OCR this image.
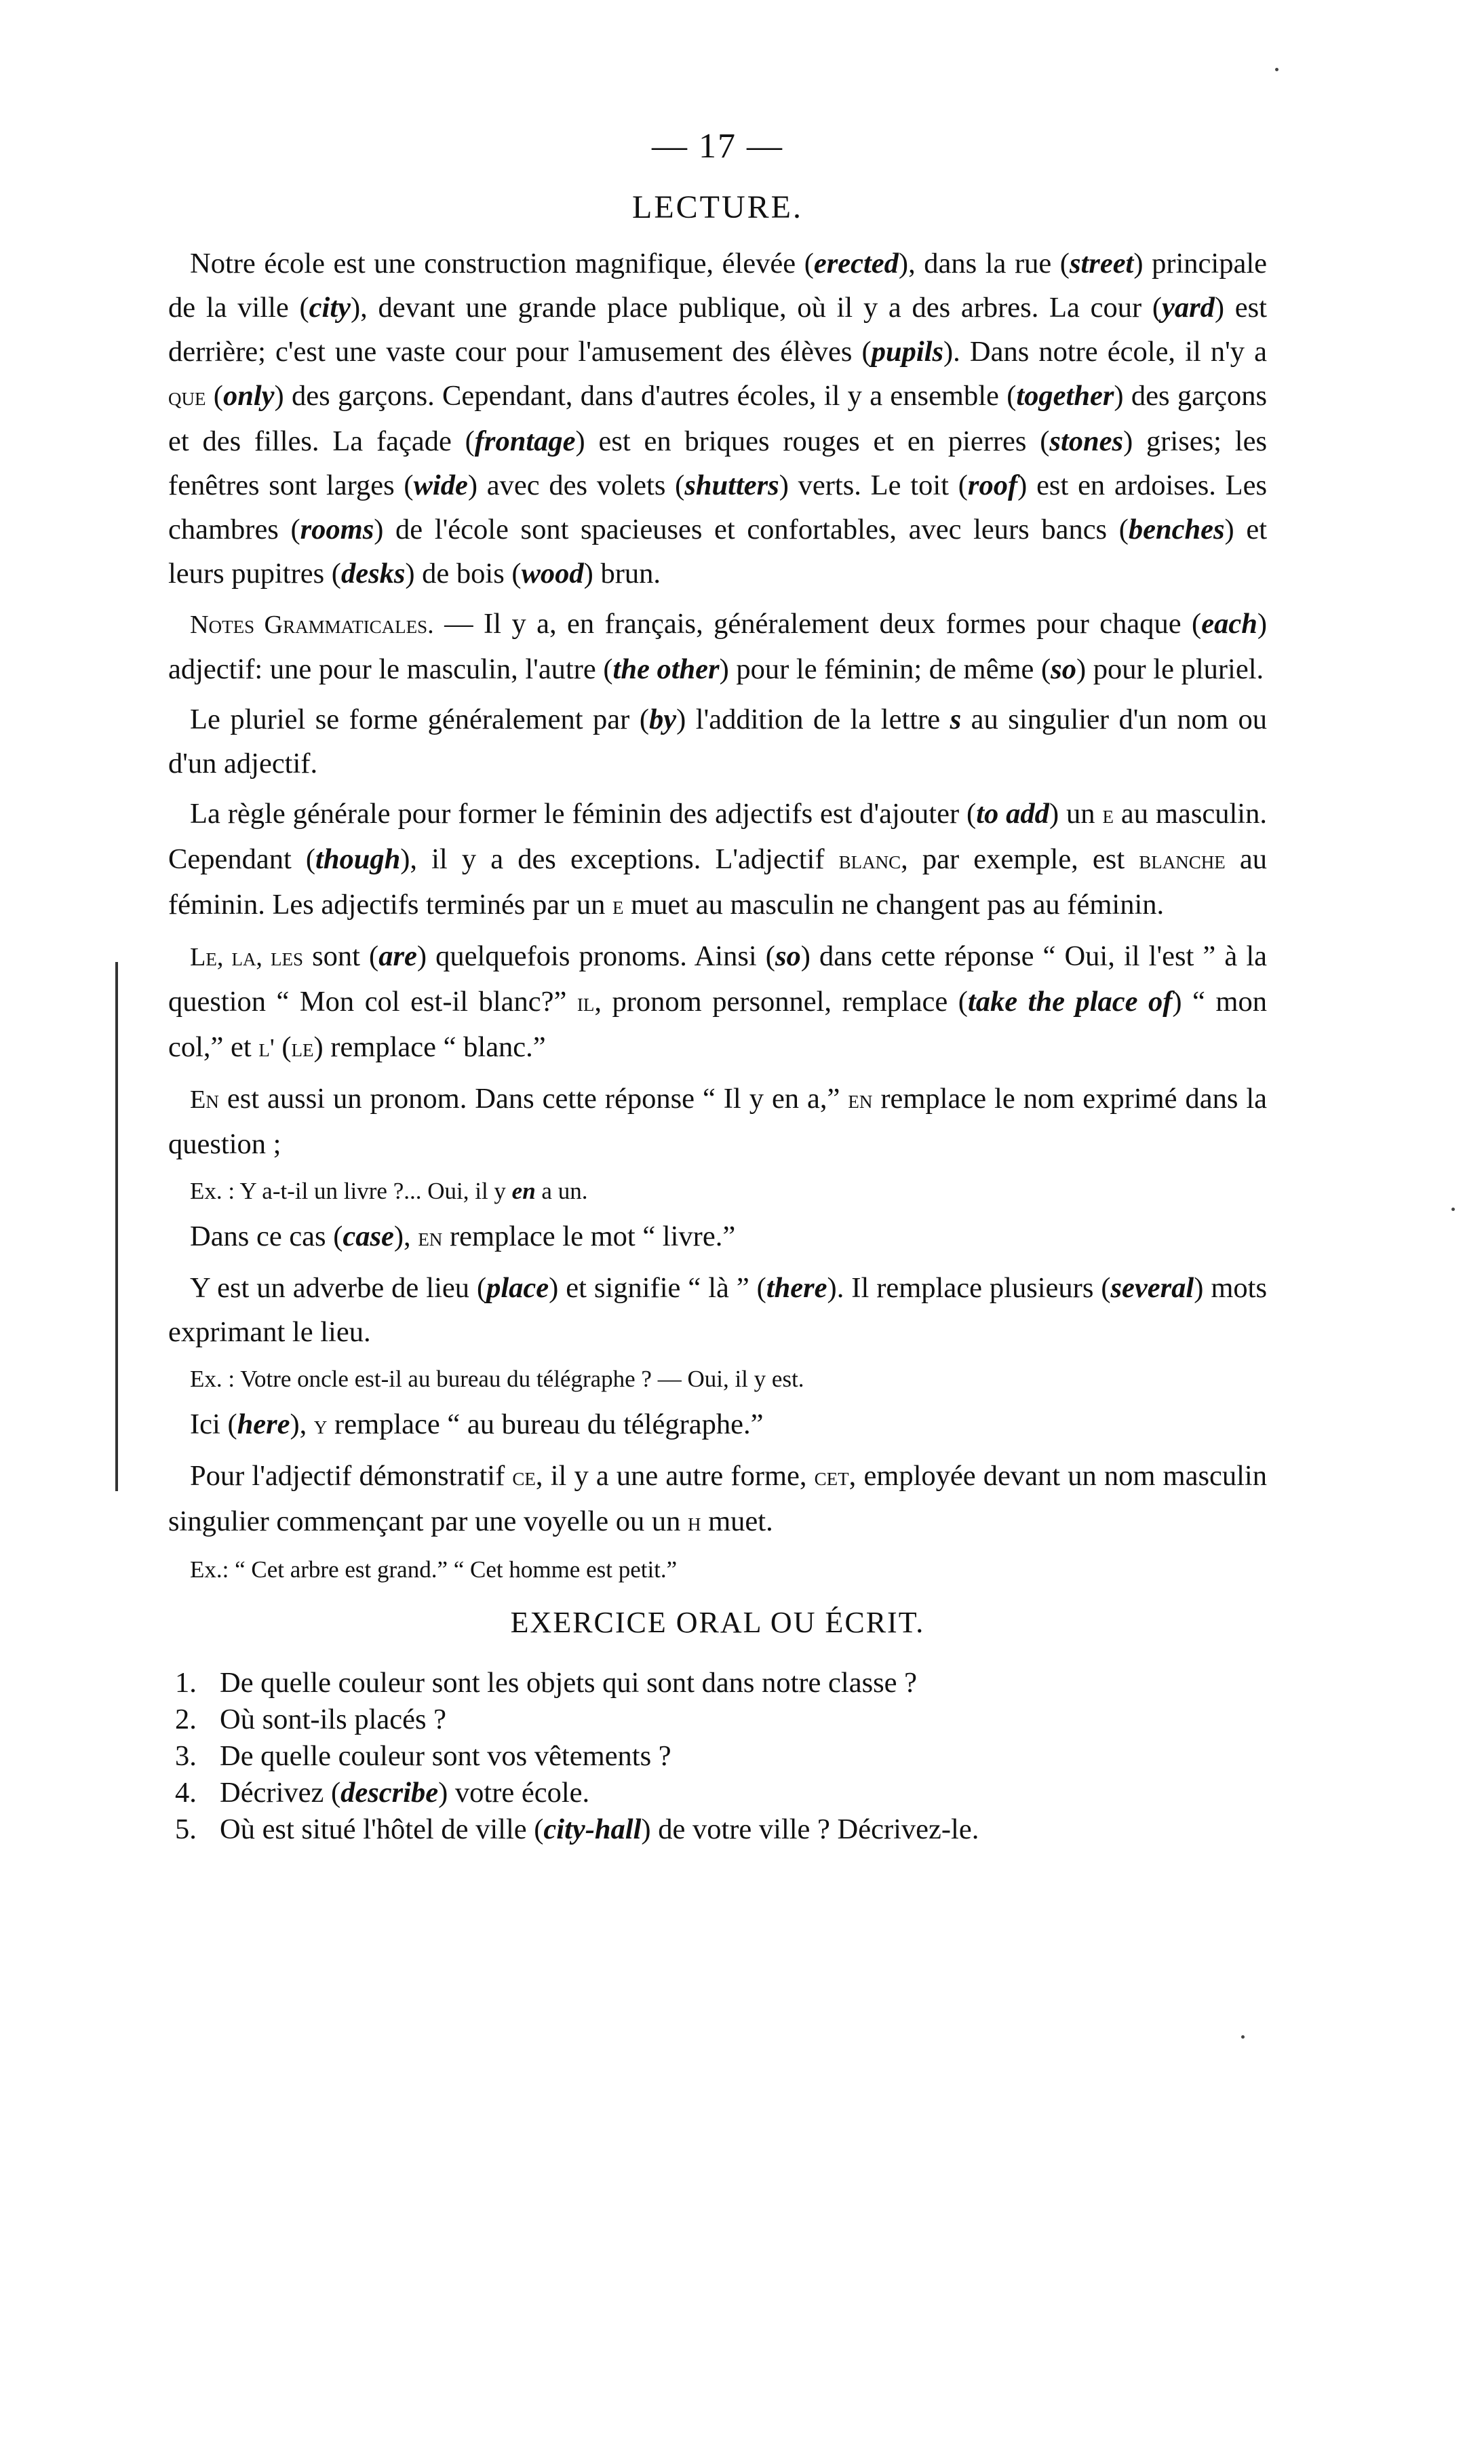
— 17 —
LECTURE.

Notre école est une construction magnifique, élevée (erected), dans la rue (street) principale de la ville (city), devant une grande place publique, où il y a des arbres. La cour (yard) est derrière; c'est une vaste cour pour l'amusement des élèves (pupils). Dans notre école, il n'y a que (only) des garçons. Cependant, dans d'autres écoles, il y a ensemble (together) des garçons et des filles. La façade (frontage) est en briques rouges et en pierres (stones) grises; les fenêtres sont larges (wide) avec des volets (shutters) verts. Le toit (roof) est en ardoises. Les chambres (rooms) de l'école sont spacieuses et confortables, avec leurs bancs (benches) et leurs pupitres (desks) de bois (wood) brun.

Notes Grammaticales. — Il y a, en français, généralement deux formes pour chaque (each) adjectif: une pour le masculin, l'autre (the other) pour le féminin; de même (so) pour le pluriel.

Le pluriel se forme généralement par (by) l'addition de la lettre s au singulier d'un nom ou d'un adjectif.

La règle générale pour former le féminin des adjectifs est d'ajouter (to add) un e au masculin. Cependant (though), il y a des exceptions. L'adjectif blanc, par exemple, est blanche au féminin. Les adjectifs terminés par un e muet au masculin ne changent pas au féminin.

Le, la, les sont (are) quelquefois pronoms. Ainsi (so) dans cette réponse “ Oui, il l'est ” à la question “ Mon col est-il blanc?” il, pronom personnel, remplace (take the place of) “ mon col,” et l' (le) remplace “ blanc.”

En est aussi un pronom. Dans cette réponse “ Il y en a,” en remplace le nom exprimé dans la question ;

Ex. : Y a-t-il un livre ?... Oui, il y en a un.

Dans ce cas (case), en remplace le mot “ livre.”

Y est un adverbe de lieu (place) et signifie “ là ” (there). Il remplace plusieurs (several) mots exprimant le lieu.

Ex. : Votre oncle est-il au bureau du télégraphe ? — Oui, il y est.

Ici (here), y remplace “ au bureau du télégraphe.”

Pour l'adjectif démonstratif ce, il y a une autre forme, cet, employée devant un nom masculin singulier commençant par une voyelle ou un h muet.

Ex.: “ Cet arbre est grand.” “ Cet homme est petit.”
EXERCICE ORAL OU ÉCRIT.
1. De quelle couleur sont les objets qui sont dans notre classe ?
2. Où sont-ils placés ?
3. De quelle couleur sont vos vêtements ?
4. Décrivez (describe) votre école.
5. Où est situé l'hôtel de ville (city-hall) de votre ville ? Décrivez-le.
